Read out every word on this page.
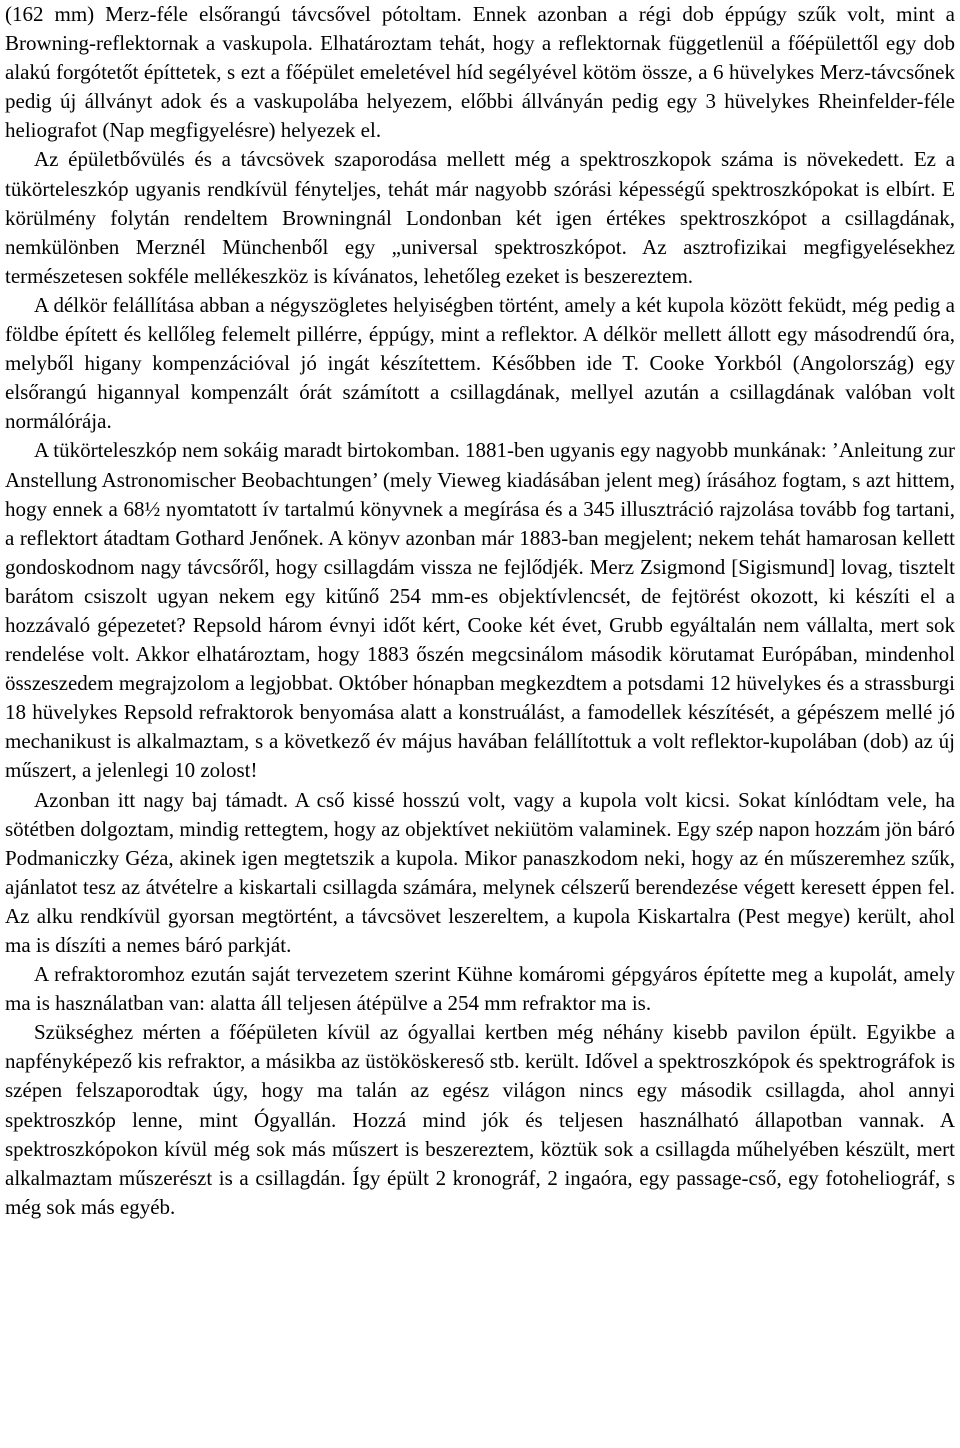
(162 mm) Merz-féle elsőrangú távcsővel pótoltam. Ennek azonban a régi dob éppúgy szűk volt, mint a Browning-reflektornak a vaskupola. Elhatároztam tehát, hogy a reflektornak függetlenül a főépülettől egy dob alakú forgótetőt építtetek, s ezt a főépület emeletével híd segélyével kötöm össze, a 6 hüvelykes Merz-távcsőnek pedig új állványt adok és a vaskupolába helyezem, előbbi állványán pedig egy 3 hüvelykes Rheinfelder-féle heliografot (Nap megfigyelésre) helyezek el.

Az épületbővülés és a távcsövek szaporodása mellett még a spektroszkopok száma is növekedett. Ez a tükörteleszkóp ugyanis rendkívül fényteljes, tehát már nagyobb szórási képességű spektroszkópokat is elbírt. E körülmény folytán rendeltem Browningnál Londonban két igen értékes spektroszkópot a csillagdának, nemkülönben Merznél Münchenből egy „universal spektroszkópot. Az asztrofizikai megfigyelésekhez természetesen sokféle mellékeszköz is kívánatos, lehetőleg ezeket is beszereztem.

A délkör felállítása abban a négyszögletes helyiségben történt, amely a két kupola között feküdt, még pedig a földbe épített és kellőleg felemelt pillérre, éppúgy, mint a reflektor. A délkör mellett állott egy másodrendű óra, melyből higany kompenzációval jó ingát készítettem. Későbben ide T. Cooke Yorkból (Angolország) egy elsőrangú higannyal kompenzált órát számított a csillagdának, mellyel azután a csillagdának valóban volt normálórája.

A tükörteleszkóp nem sokáig maradt birtokomban. 1881-ben ugyanis egy nagyobb munkának: ’Anleitung zur Anstellung Astronomischer Beobachtungen’ (mely Vieweg kiadásában jelent meg) írásához fogtam, s azt hittem, hogy ennek a 68½ nyomtatott ív tartalmú könyvnek a megírása és a 345 illusztráció rajzolása tovább fog tartani, a reflektort átadtam Gothard Jenőnek. A könyv azonban már 1883-ban megjelent; nekem tehát hamarosan kellett gondoskodnom nagy távcsőről, hogy csillagdám vissza ne fejlődjék. Merz Zsigmond [Sigismund] lovag, tisztelt barátom csiszolt ugyan nekem egy kitűnő 254 mm-es objektívlencsét, de fejtörést okozott, ki készíti el a hozzávaló gépezetet? Repsold három évnyi időt kért, Cooke két évet, Grubb egyáltalán nem vállalta, mert sok rendelése volt. Akkor elhatároztam, hogy 1883 őszén megcsinálom második körutamat Európában, mindenhol összeszedem megrajzolom a legjobbat. Október hónapban megkezdtem a potsdami 12 hüvelykes és a strassburgi 18 hüvelykes Repsold refraktorok benyomása alatt a konstruálást, a famodellek készítését, a gépészem mellé jó mechanikust is alkalmaztam, s a következő év május havában felállítottuk a volt reflektor-kupolában (dob) az új műszert, a jelenlegi 10 zolost!

Azonban itt nagy baj támadt. A cső kissé hosszú volt, vagy a kupola volt kicsi. Sokat kínlódtam vele, ha sötétben dolgoztam, mindig rettegtem, hogy az objektívet nekiütöm valaminek. Egy szép napon hozzám jön báró Podmaniczky Géza, akinek igen megtetszik a kupola. Mikor panaszkodom neki, hogy az én műszeremhez szűk, ajánlatot tesz az átvételre a kiskartali csillagda számára, melynek célszerű berendezése végett keresett éppen fel. Az alku rendkívül gyorsan megtörtént, a távcsövet leszereltem, a kupola Kiskartalra (Pest megye) került, ahol ma is díszíti a nemes báró parkját.

A refraktoromhoz ezután saját tervezetem szerint Kühne komáromi gépgyáros építette meg a kupolát, amely ma is használatban van: alatta áll teljesen átépülve a 254 mm refraktor ma is.

Szükséghez mérten a főépületen kívül az ógyallai kertben még néhány kisebb pavilon épült. Egyikbe a napfényképező kis refraktor, a másikba az üstököskereső stb. került. Idővel a spektroszkópok és spektrográfok is szépen felszaporodtak úgy, hogy ma talán az egész világon nincs egy második csillagda, ahol annyi spektroszkóp lenne, mint Ógyallán. Hozzá mind jók és teljesen használható állapotban vannak. A spektroszkópokon kívül még sok más műszert is beszereztem, köztük sok a csillagda műhelyében készült, mert alkalmaztam műszerészt is a csillagdán. Így épült 2 kronográf, 2 ingaóra, egy passage-cső, egy fotoheliográf, s még sok más egyéb.
